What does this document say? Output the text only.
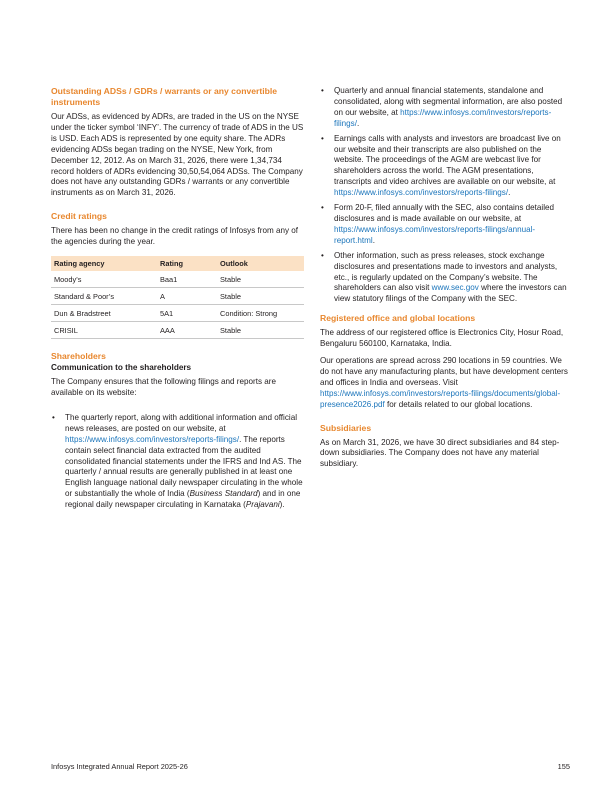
Outstanding ADSs / GDRs / warrants or any convertible instruments

Our ADSs, as evidenced by ADRs, are traded in the US on the NYSE under the ticker symbol ‘INFY’. The currency of trade of ADS in the US is USD. Each ADS is represented by one equity share. The ADRs evidencing ADSs began trading on the NYSE, New York, from December 12, 2012. As on March 31, 2026, there were 1,34,734 record holders of ADRs evidencing 30,50,54,064 ADSs. The Company does not have any outstanding GDRs / warrants or any convertible instruments as on March 31, 2026.

Credit ratings

There has been no change in the credit ratings of Infosys from any of the agencies during the year.

Rating agency	Rating	Outlook
Moody’s	Baa1	Stable
Standard & Poor’s	A	Stable
Dun & Bradstreet	5A1	Condition: Strong
CRISIL	AAA	Stable
Shareholders
Communication to the shareholders

The Company ensures that the following filings and reports are available on its website:

• The quarterly report, along with additional information and official news releases, are posted on our website, at https://www.infosys.com/investors/reports-filings/. The reports contain select financial data extracted from the audited consolidated financial statements under the IFRS and Ind AS. The quarterly / annual results are generally published in at least one English language national daily newspaper circulating in the whole or substantially the whole of India (Business Standard) and in one regional daily newspaper circulating in Karnataka (Prajavani).
• Quarterly and annual financial statements, standalone and consolidated, along with segmental information, are also posted on our website, at https://www.infosys.com/investors/reports-filings/.
• Earnings calls with analysts and investors are broadcast live on our website and their transcripts are also published on the website. The proceedings of the AGM are webcast live for shareholders across the world. The AGM presentations, transcripts and video archives are available on our website, at https://www.infosys.com/investors/reports-filings/.
• Form 20-F, filed annually with the SEC, also contains detailed disclosures and is made available on our website, at https://www.infosys.com/investors/reports-filings/annual-report.html.
• Other information, such as press releases, stock exchange disclosures and presentations made to investors and analysts, etc., is regularly updated on the Company’s website. The shareholders can also visit www.sec.gov where the investors can view statutory filings of the Company with the SEC.
Registered office and global locations

The address of our registered office is Electronics City, Hosur Road, Bengaluru 560100, Karnataka, India.

Our operations are spread across 290 locations in 59 countries. We do not have any manufacturing plants, but have development centers and offices in India and overseas. Visit https://www.infosys.com/investors/reports-filings/documents/global-presence2026.pdf for details related to our global locations.

Subsidiaries

As on March 31, 2026, we have 30 direct subsidiaries and 84 step-down subsidiaries. The Company does not have any material subsidiary.

Infosys Integrated Annual Report 2025-26	155
